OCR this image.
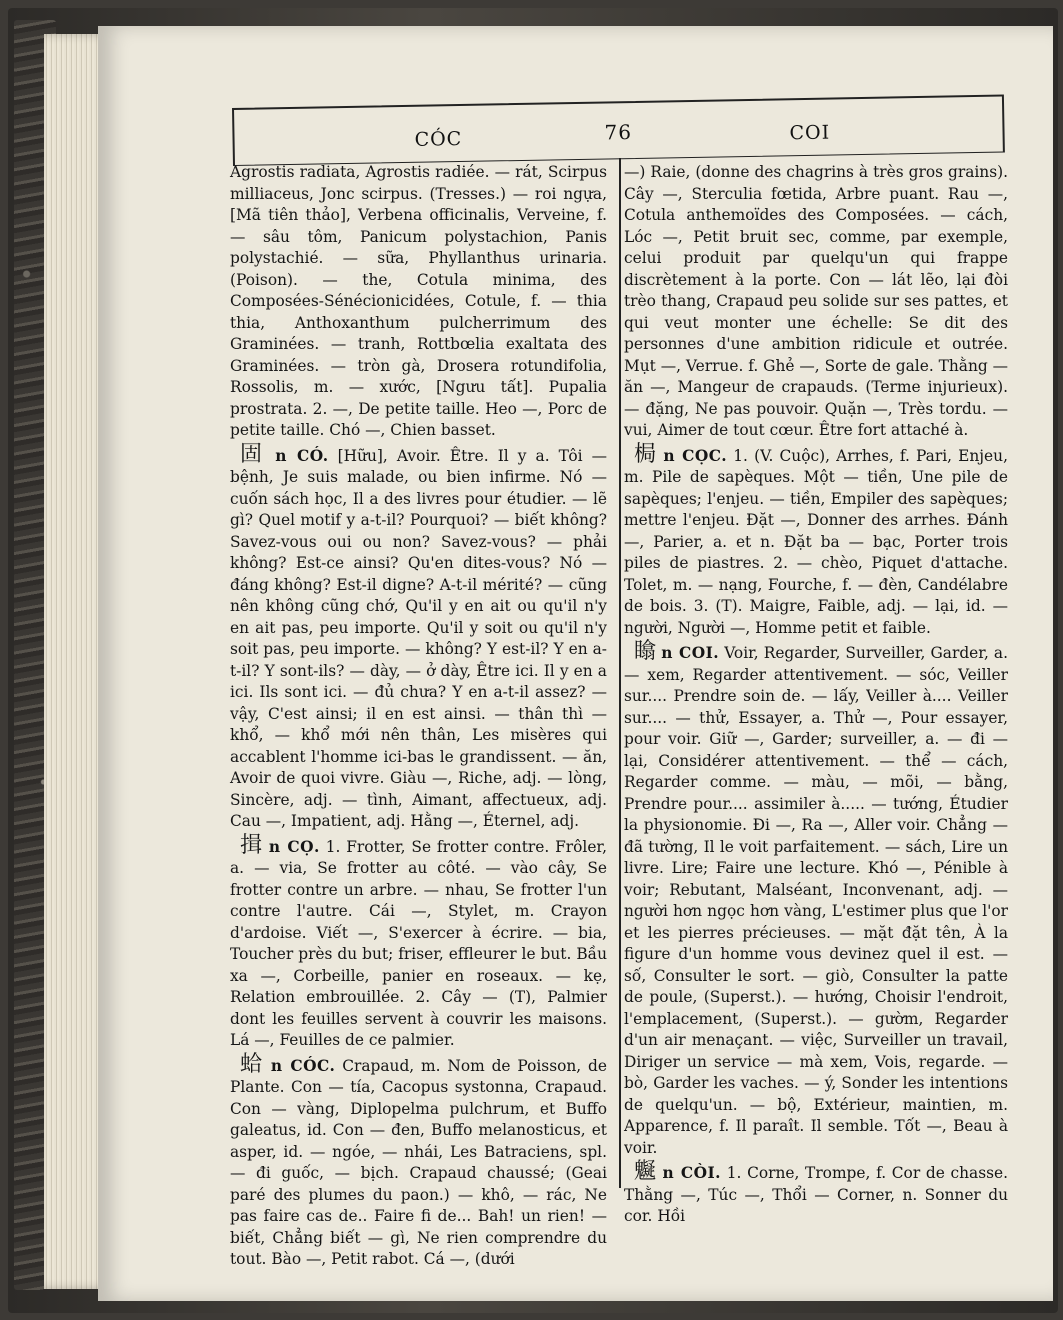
CÓC	76	COI

Agrostis radiata, Agrostis radiée. — rát, Scirpus milliaceus, Jonc scirpus. (Tresses.) — roi ngựa, [Mã tiên thảo], Verbena officinalis, Verveine, f. — sâu tôm, Panicum polystachion, Panis polystachié. — sữa, Phyllanthus urinaria. (Poison). — the, Cotula minima, des Composées-Sénécionicidées, Cotule, f. — thia thia, Anthoxanthum pulcherrimum des Graminées. — tranh, Rottbœlia exaltata des Graminées. — tròn gà, Drosera rotundifolia, Rossolis, m. — xước, [Ngưu tất]. Pupalia prostrata. 2. —, De petite taille. Heo —, Porc de petite taille. Chó —, Chien basset.

固 n CÓ. [Hữu], Avoir. Être. Il y a. Tôi — bệnh, Je suis malade, ou bien infirme. Nó — cuốn sách học, Il a des livres pour étudier. — lẽ gì? Quel motif y a-t-il? Pourquoi? — biết không? Savez-vous oui ou non? Savez-vous? — phải không? Est-ce ainsi? Qu'en dites-vous? Nó — đáng không? Est-il digne? A-t-il mérité? — cũng nên không cũng chớ, Qu'il y en ait ou qu'il n'y en ait pas, peu importe. Qu'il y soit ou qu'il n'y soit pas, peu importe. — không? Y est-il? Y en a-t-il? Y sont-ils? — dày, — ở dày, Être ici. Il y en a ici. Ils sont ici. — đủ chưa? Y en a-t-il assez? — vậy, C'est ainsi; il en est ainsi. — thân thì — khổ, — khổ mới nên thân, Les misères qui accablent l'homme ici-bas le grandissent. — ăn, Avoir de quoi vivre. Giàu —, Riche, adj. — lòng, Sincère, adj. — tình, Aimant, affectueux, adj. Cau —, Impatient, adj. Hằng —, Éternel, adj.

揖 n CỌ. 1. Frotter, Se frotter contre. Frôler, a. — via, Se frotter au côté. — vào cây, Se frotter contre un arbre. — nhau, Se frotter l'un contre l'autre. Cái —, Stylet, m. Crayon d'ardoise. Viết —, S'exercer à écrire. — bia, Toucher près du but; friser, effleurer le but. Bầu xa —, Corbeille, panier en roseaux. — kẹ, Relation embrouillée. 2. Cây — (T), Palmier dont les feuilles servent à couvrir les maisons. Lá —, Feuilles de ce palmier.

蛤 n CÓC. Crapaud, m. Nom de Poisson, de Plante. Con — tía, Cacopus systonna, Crapaud. Con — vàng, Diplopelma pulchrum, et Buffo galeatus, id. Con — đen, Buffo melanosticus, et asper, id. — ngóe, — nhái, Les Batraciens, spl. — đi guốc, — bịch. Crapaud chaussé; (Geai paré des plumes du paon.) — khô, — rác, Ne pas faire cas de.. Faire fi de... Bah! un rien! — biết, Chẳng biết — gì, Ne rien comprendre du tout. Bào —, Petit rabot. Cá —, (dưới

—) Raie, (donne des chagrins à très gros grains). Cây —, Sterculia fœtida, Arbre puant. Rau —, Cotula anthemoïdes des Composées. — cách, Lóc —, Petit bruit sec, comme, par exemple, celui produit par quelqu'un qui frappe discrètement à la porte. Con — lát lẽo, lại đòi trèo thang, Crapaud peu solide sur ses pattes, et qui veut monter une échelle: Se dit des personnes d'une ambition ridicule et outrée. Mụt —, Verrue. f. Ghẻ —, Sorte de gale. Thằng — ăn —, Mangeur de crapauds. (Terme injurieux). — đặng, Ne pas pouvoir. Quặn —, Très tordu. — vui, Aimer de tout cœur. Être fort attaché à.

梮 n CỌC. 1. (V. Cuộc), Arrhes, f. Pari, Enjeu, m. Pile de sapèques. Một — tiền, Une pile de sapèques; l'enjeu. — tiền, Empiler des sapèques; mettre l'enjeu. Đặt —, Donner des arrhes. Đánh —, Parier, a. et n. Đặt ba — bạc, Porter trois piles de piastres. 2. — chèo, Piquet d'attache. Tolet, m. — nạng, Fourche, f. — đèn, Candélabre de bois. 3. (T). Maigre, Faible, adj. — lại, id. — người, Người —, Homme petit et faible.

䁯 n COI. Voir, Regarder, Surveiller, Garder, a. — xem, Regarder attentivement. — sóc, Veiller sur.... Prendre soin de. — lấy, Veiller à.... Veiller sur.... — thử, Essayer, a. Thử —, Pour essayer, pour voir. Giữ —, Garder; surveiller, a. — đi — lại, Considérer attentivement. — thể — cách, Regarder comme. — màu, — mõi, — bằng, Prendre pour.... assimiler à..... — tướng, Étudier la physionomie. Đi —, Ra —, Aller voir. Chẳng — đã tường, Il le voit parfaitement. — sách, Lire un livre. Lire; Faire une lecture. Khó —, Pénible à voir; Rebutant, Malséant, Inconvenant, adj. — người hơn ngọc hơn vàng, L'estimer plus que l'or et les pierres précieuses. — mặt đặt tên, À la figure d'un homme vous devinez quel il est. — số, Consulter le sort. — giò, Consulter la patte de poule, (Superst.). — hướng, Choisir l'endroit, l'emplacement, (Superst.). — gườm, Regarder d'un air menaçant. — việc, Surveiller un travail, Diriger un service — mà xem, Vois, regarde. — bò, Garder les vaches. — ý, Sonder les intentions de quelqu'un. — bộ, Extérieur, maintien, m. Apparence, f. Il paraît. Il semble. Tốt —, Beau à voir.

䰯 n CÒI. 1. Corne, Trompe, f. Cor de chasse. Thằng —, Túc —, Thổi — Corner, n. Sonner du cor. Hồi
